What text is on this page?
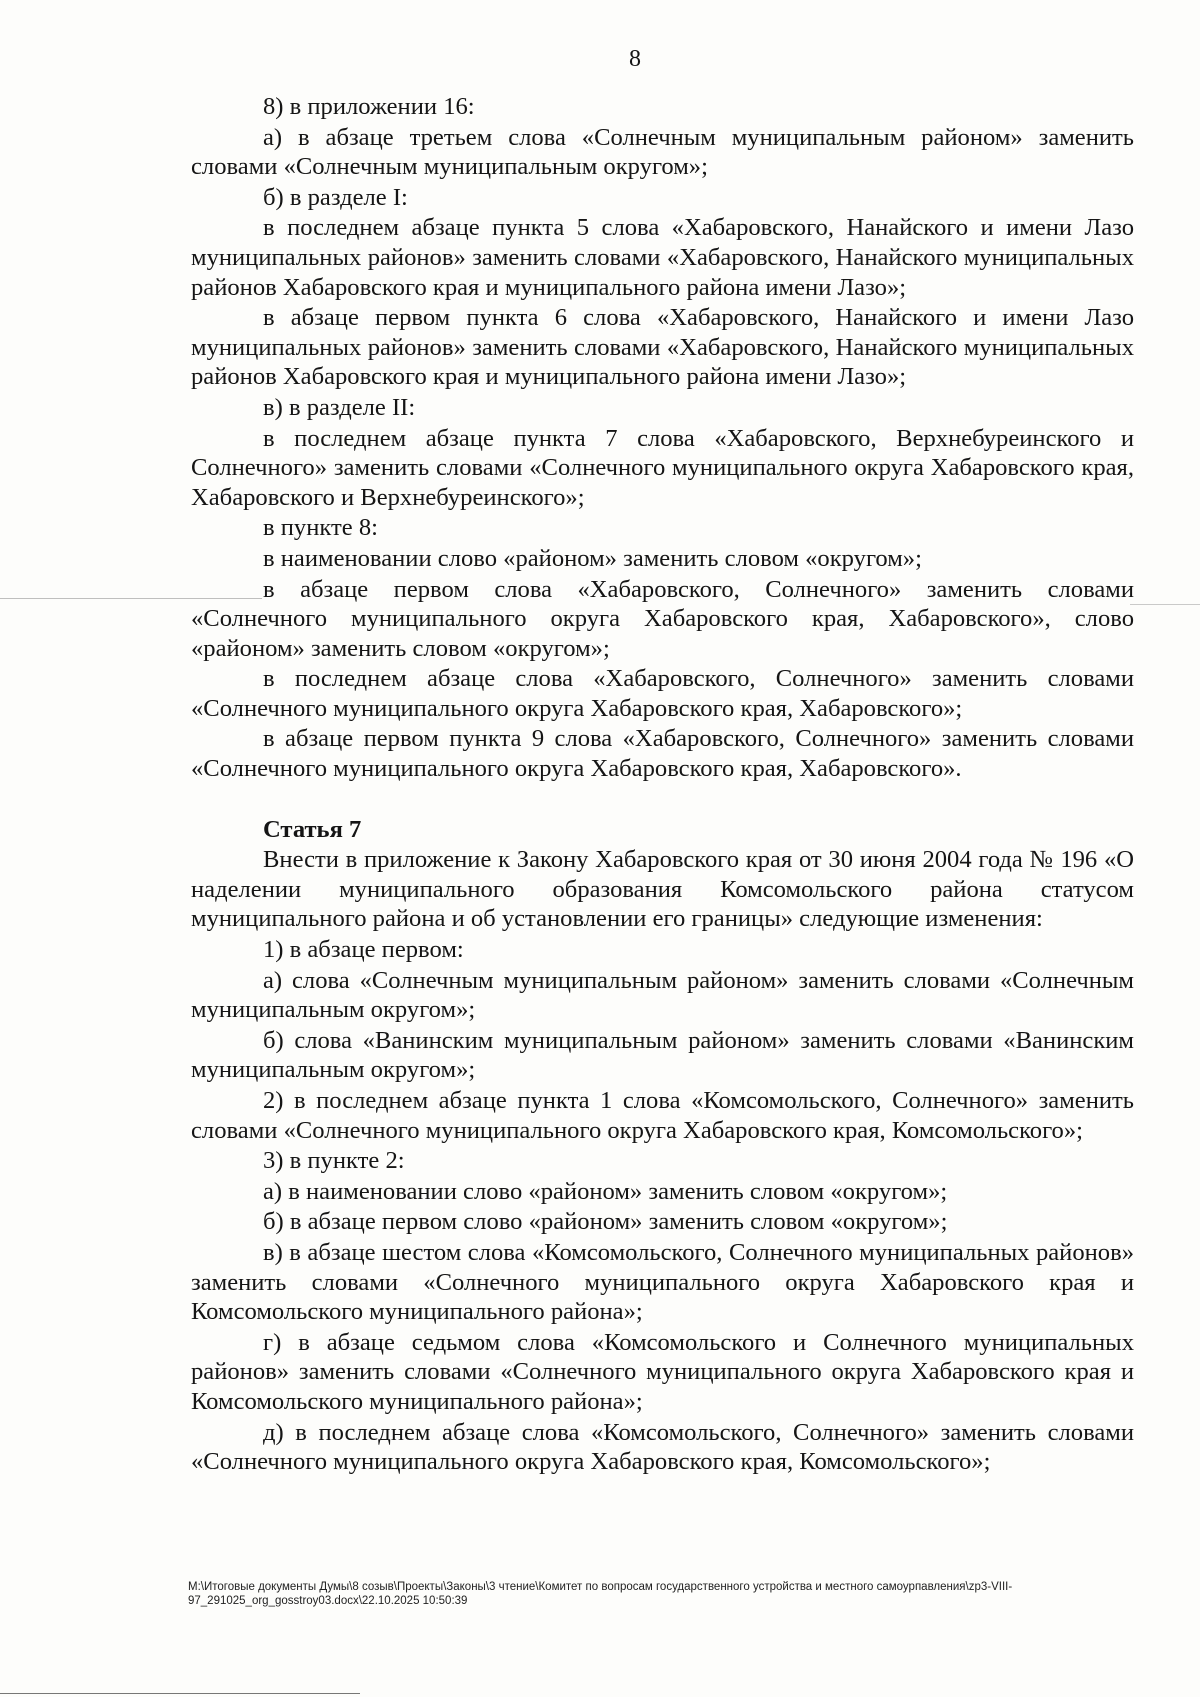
8

8) в приложении 16:

а) в абзаце третьем слова «Солнечным муниципальным районом» заменить словами «Солнечным муниципальным округом»;

б) в разделе I:

в последнем абзаце пункта 5 слова «Хабаровского, Нанайского и имени Лазо муниципальных районов» заменить словами «Хабаровского, Нанайского муниципальных районов Хабаровского края и муниципального района имени Лазо»;

в абзаце первом пункта 6 слова «Хабаровского, Нанайского и имени Лазо муниципальных районов» заменить словами «Хабаровского, Нанайского муниципальных районов Хабаровского края и муниципального района имени Лазо»;

в) в разделе II:

в последнем абзаце пункта 7 слова «Хабаровского, Верхнебуреинского и Солнечного» заменить словами «Солнечного муниципального округа Хабаровского края, Хабаровского и Верхнебуреинского»;

в пункте 8:

в наименовании слово «районом» заменить словом «округом»;

в абзаце первом слова «Хабаровского, Солнечного» заменить словами «Солнечного муниципального округа Хабаровского края, Хабаровского», слово «районом» заменить словом «округом»;

в последнем абзаце слова «Хабаровского, Солнечного» заменить словами «Солнечного муниципального округа Хабаровского края, Хабаровского»;

в абзаце первом пункта 9 слова «Хабаровского, Солнечного» заменить словами «Солнечного муниципального округа Хабаровского края, Хабаровского».

Статья 7

Внести в приложение к Закону Хабаровского края от 30 июня 2004 года № 196 «О наделении муниципального образования Комсомольского района статусом муниципального района и об установлении его границы» следующие изменения:

1) в абзаце первом:

а) слова «Солнечным муниципальным районом» заменить словами «Солнечным муниципальным округом»;

б) слова «Ванинским муниципальным районом» заменить словами «Ванинским муниципальным округом»;

2) в последнем абзаце пункта 1 слова «Комсомольского, Солнечного» заменить словами «Солнечного муниципального округа Хабаровского края, Комсомольского»;

3) в пункте 2:

а) в наименовании слово «районом» заменить словом «округом»;

б) в абзаце первом слово «районом» заменить словом «округом»;

в) в абзаце шестом слова «Комсомольского, Солнечного муниципальных районов» заменить словами «Солнечного муниципального округа Хабаровского края и Комсомольского муниципального района»;

г) в абзаце седьмом слова «Комсомольского и Солнечного муниципальных районов» заменить словами «Солнечного муниципального округа Хабаровского края и Комсомольского муниципального района»;

д) в последнем абзаце слова «Комсомольского, Солнечного» заменить словами «Солнечного муниципального округа Хабаровского края, Комсомольского»;

M:\Итоговые документы Думы\8 созыв\Проекты\Законы\3 чтение\Комитет по вопросам государственного устройства и местного самоурпавления\zp3-VIII-
97_291025_org_gosstroy03.docx\22.10.2025 10:50:39
